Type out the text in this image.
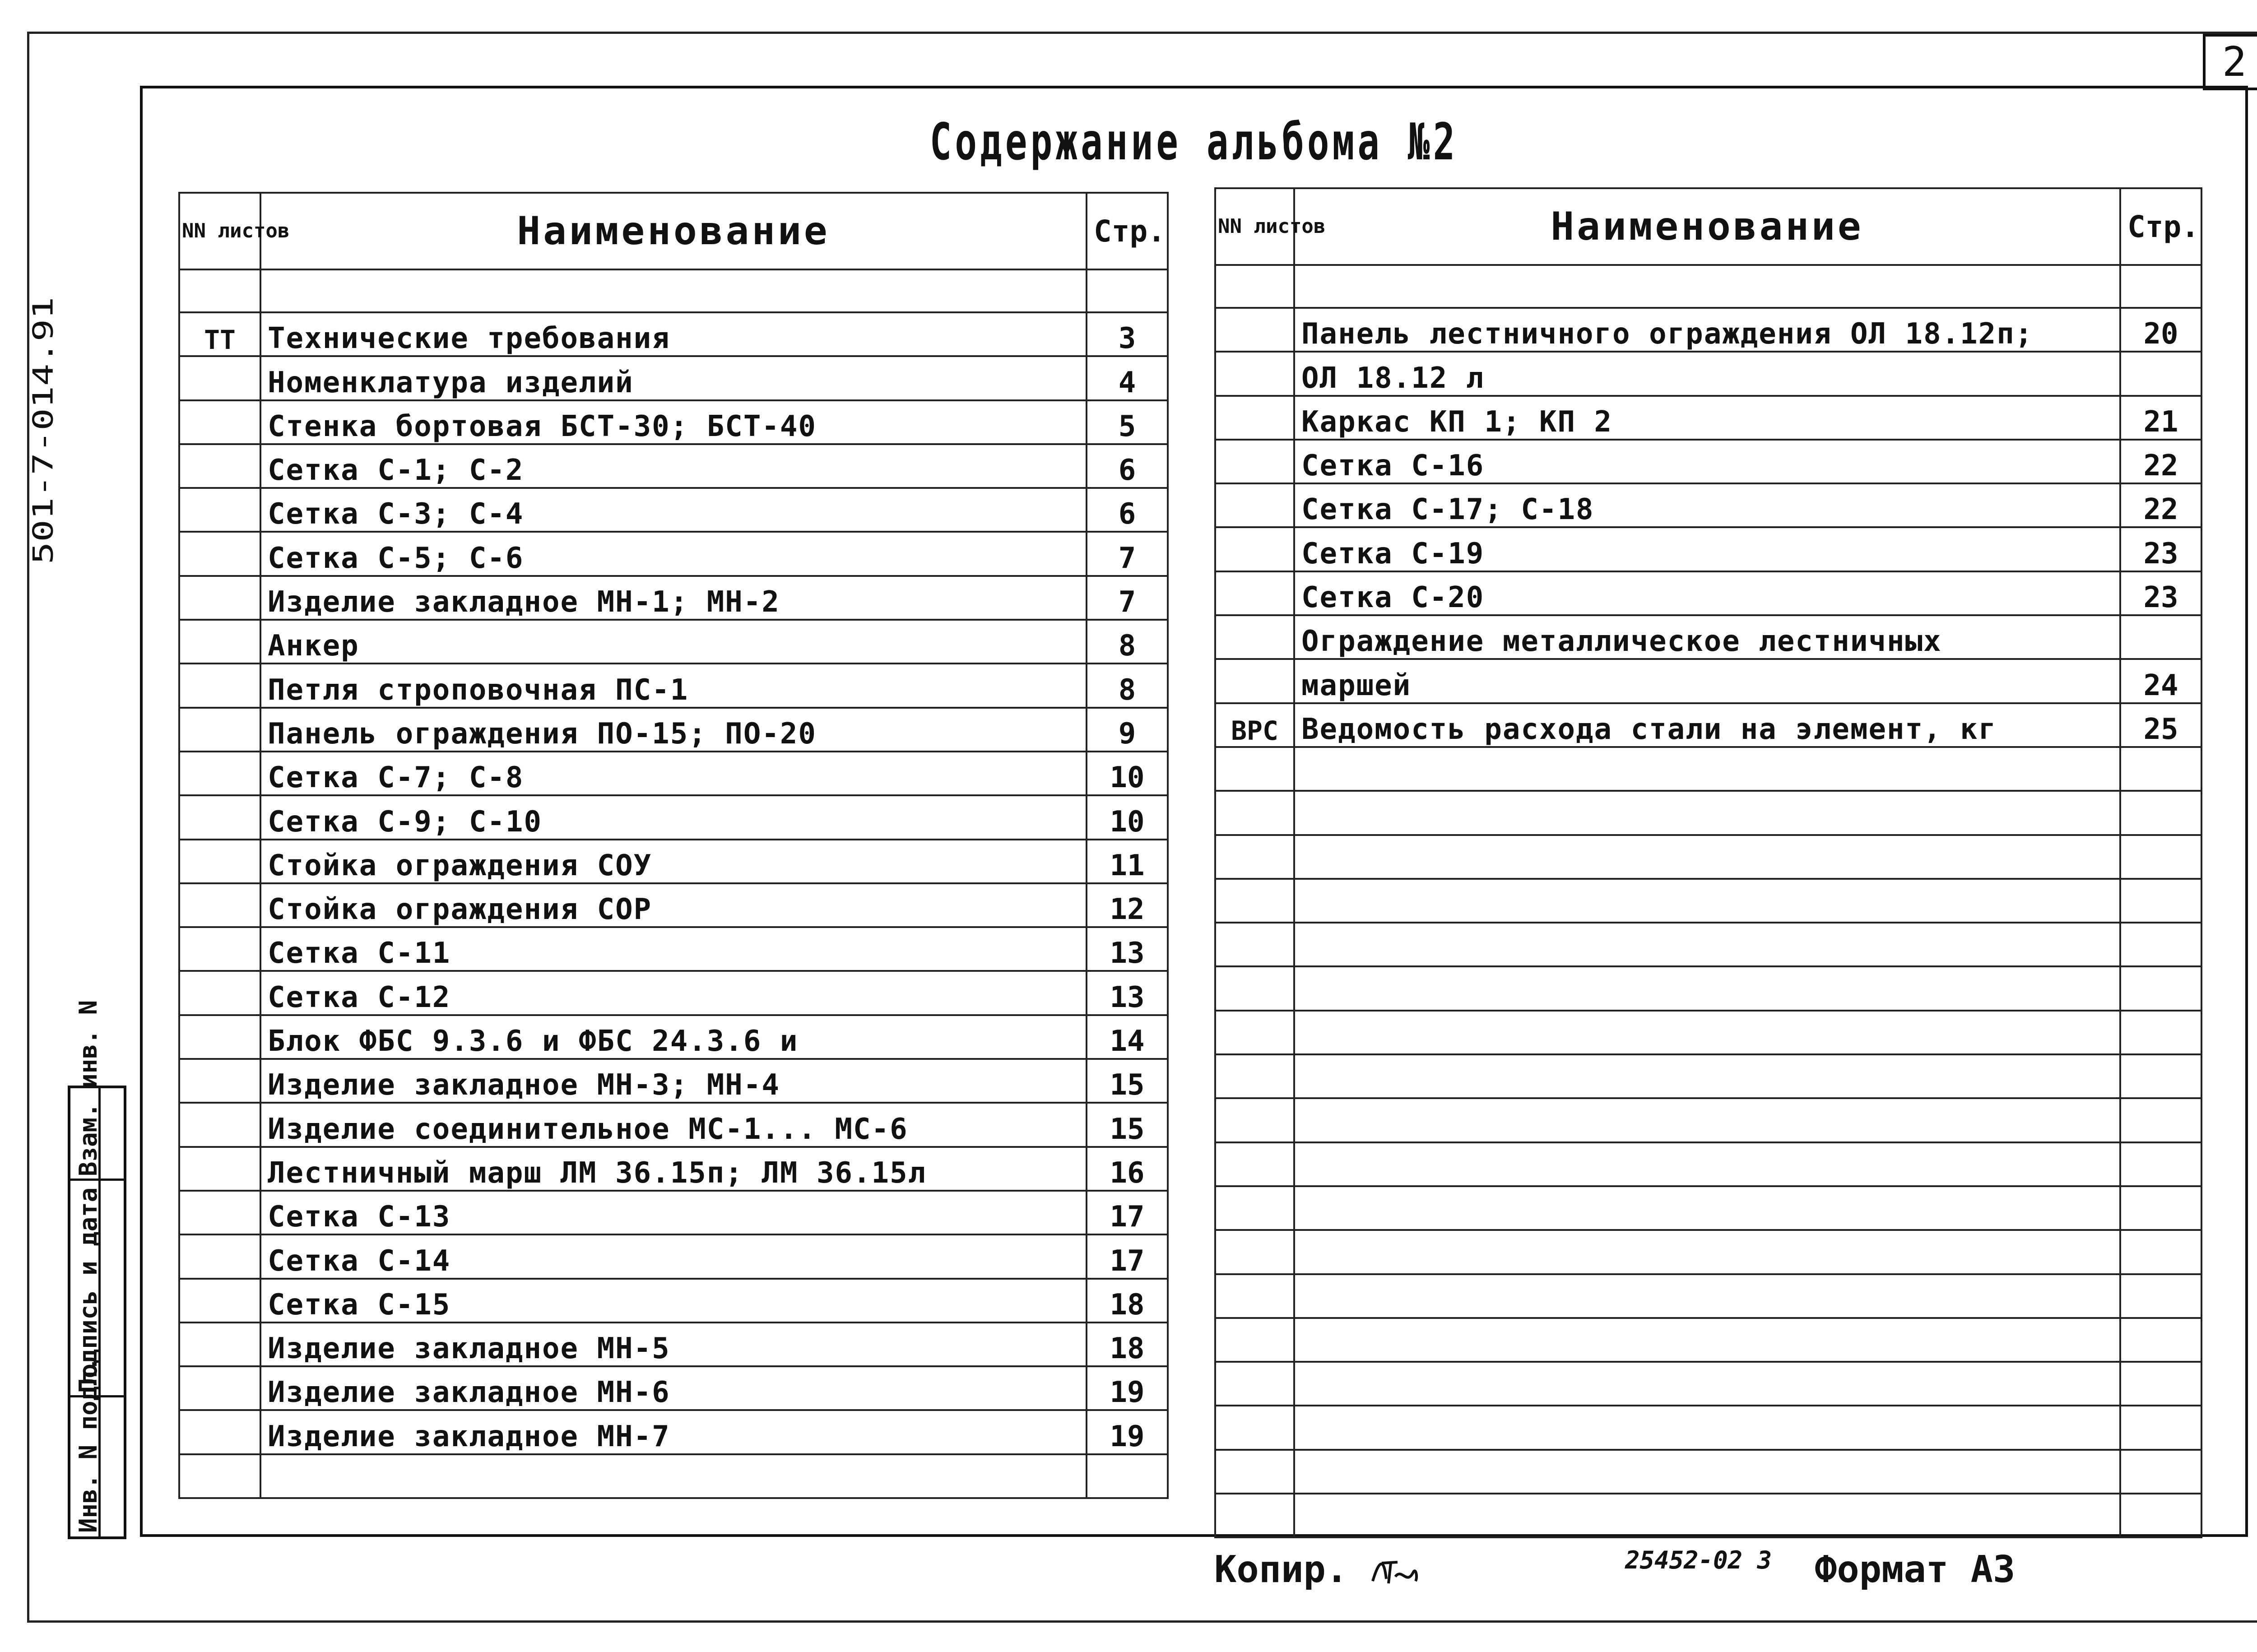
2
501-7-014.91
Взам. инв. N
Подпись и дата
Инв. N подл.
Содержание альбома №2
NN листов	Наименование	Стр.

ТТ	Технические требования	3
	Номенклатура изделий	4
	Стенка бортовая БСТ-30; БСТ-40	5
	Сетка С-1; С-2	6
	Сетка С-3; С-4	6
	Сетка С-5; С-6	7
	Изделие закладное МН-1; МН-2	7
	Анкер	8
	Петля строповочная ПС-1	8
	Панель ограждения ПО-15; ПО-20	9
	Сетка С-7; С-8	10
	Сетка С-9; С-10	10
	Стойка ограждения СОУ	11
	Стойка ограждения СОР	12
	Сетка С-11	13
	Сетка С-12	13
	Блок ФБС 9.3.6 и ФБС 24.3.6 и	14
	Изделие закладное МН-3; МН-4	15
	Изделие соединительное МС-1... МС-6	15
	Лестничный марш ЛМ 36.15п; ЛМ 36.15л	16
	Сетка С-13	17
	Сетка С-14	17
	Сетка С-15	18
	Изделие закладное МН-5	18
	Изделие закладное МН-6	19
	Изделие закладное МН-7	19

NN листов	Наименование	Стр.

	Панель лестничного ограждения ОЛ 18.12п;	20
	ОЛ 18.12 л	
	Каркас КП 1; КП 2	21
	Сетка С-16	22
	Сетка С-17; С-18	22
	Сетка С-19	23
	Сетка С-20	23
	Ограждение металлическое лестничных	
	маршей	24
ВРС	Ведомость расхода стали на элемент, кг	25

Копир.	25452-02 3 Формат А3
